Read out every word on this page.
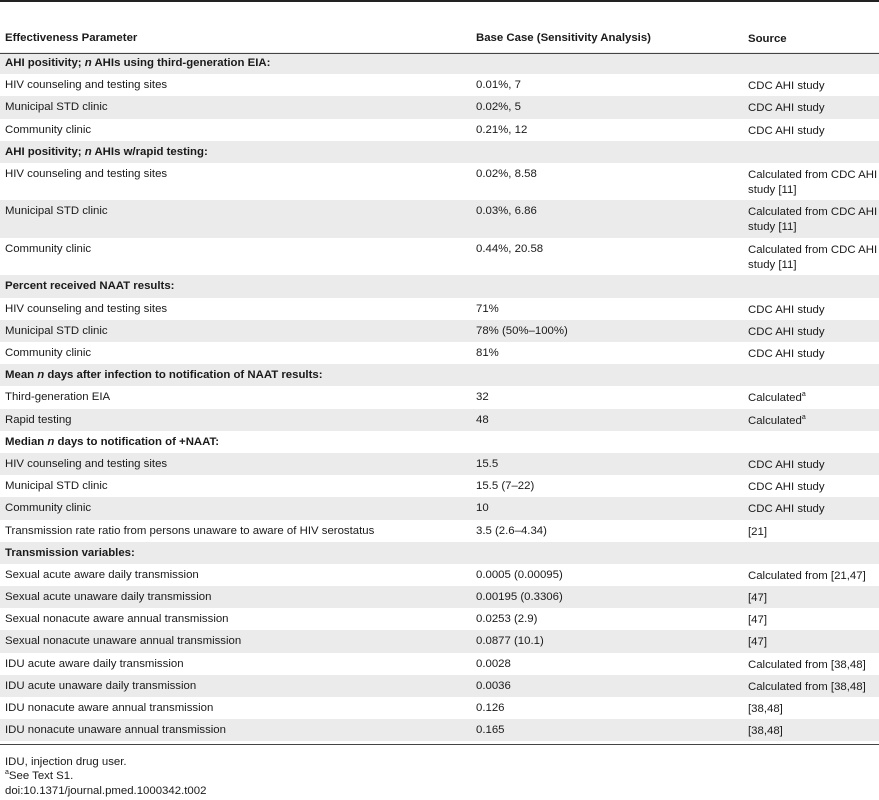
Effectiveness Parameter	Base Case (Sensitivity Analysis)	Source
AHI positivity; n AHIs using third-generation EIA:
HIV counseling and testing sites	0.01%, 7	CDC AHI study
Municipal STD clinic	0.02%, 5	CDC AHI study
Community clinic	0.21%, 12	CDC AHI study
AHI positivity; n AHIs w/rapid testing:
HIV counseling and testing sites	0.02%, 8.58	Calculated from CDC AHI study [11]
Municipal STD clinic	0.03%, 6.86	Calculated from CDC AHI study [11]
Community clinic	0.44%, 20.58	Calculated from CDC AHI study [11]
Percent received NAAT results:
HIV counseling and testing sites	71%	CDC AHI study
Municipal STD clinic	78% (50%–100%)	CDC AHI study
Community clinic	81%	CDC AHI study
Mean n days after infection to notification of NAAT results:
Third-generation EIA	32	Calculated$^a$
Rapid testing	48	Calculated$^a$
Median n days to notification of +NAAT:
HIV counseling and testing sites	15.5	CDC AHI study
Municipal STD clinic	15.5 (7–22)	CDC AHI study
Community clinic	10	CDC AHI study
Transmission rate ratio from persons unaware to aware of HIV serostatus	3.5 (2.6–4.34)	[21]
Transmission variables:
Sexual acute aware daily transmission	0.0005 (0.00095)	Calculated from [21,47]
Sexual acute unaware daily transmission	0.00195 (0.3306)	[47]
Sexual nonacute aware annual transmission	0.0253 (2.9)	[47]
Sexual nonacute unaware annual transmission	0.0877 (10.1)	[47]
IDU acute aware daily transmission	0.0028	Calculated from [38,48]
IDU acute unaware daily transmission	0.0036	Calculated from [38,48]
IDU nonacute aware annual transmission	0.126	[38,48]
IDU nonacute unaware annual transmission	0.165	[38,48]
IDU, injection drug user.
$^a$See Text S1.
doi:10.1371/journal.pmed.1000342.t002
